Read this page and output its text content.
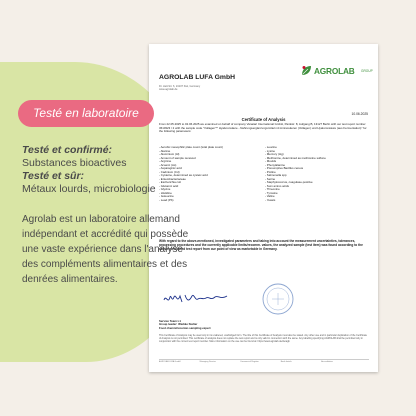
Testé en laboratoire
Testé et confirmé:
Substances bioactives
Testé et sûr:
Métaux lourds, microbiologie
Agrolab est un laboratoire allemand indépendant et accrédité qui possède une vaste expérience dans l'analyse des compléments alimentaires et des denrées alimentaires.
AGROLAB LUFA GmbH
Dr. Hell-Str. 6, 24107 Kiel, Germany
www.agrolab.de
AGROLAB GROUP
10.06.2025
Certificate of Analysis
From 22.05.2025 to 02.06.2025 we examined on behalf of company Vanatari International GmbH, Pankstr. 8, Aufgang B, 13127 Berlin with our test report number 3610323 / 2 with the sample code "Vollagen™ Hyaluronsäure - Nahrungsergänzungsmittel mit Aminosäuren (Vollagen) und Hyaluronsäure (aus Fermentation)" for the following parameters:
- Aerobic mesophilic plate count (total plate count)
- Alanine
- Aluminium (Al)
- Amount of sample received
- Arginine
- Arsenic (As)
- Asparaginic acid
- Cadmium (Cd)
- Cysteine, determined as cysteic acid
- Enterobacteriaceae
- Escherichia coli
- Glutamic acid
- Glycine
- Histidine
- Isoleucine
- Lead (Pb)
- Leucine
- Lysine
- Mercury (Hg)
- Methionine, determined as methionine sulfone
- Moulds
- Phenylalanine
- Presumptive Bacillus cereus
- Proline
- Salmonella spp
- Serine
- Staphylococcus, coagulase-positive
- Sum amino acids
- Threonine
- Tyrosine
- Valine
- Yeasts
With regard to the above-mentioned, investigated parameters and taking into account the measurement uncertainties, tolerances, processing procedures and the currently applicable limits/recomm. values, the analyzed sample (test item) was found according to the above mentioned test report from our point of view as marketable in Germany.
Service Team L1
Group leader: Wiebke Stelter
Food chemist/counter-sampling expert
This Certificate of Analysis may be used only in its unaltered, unabridged form. The title of this Certificate of Analysis must also be stated. Any other use and in particular duplication of the Certificate of Analysis is not permitted. This certificate of analysis does not replace the test report and is only valid in connection with the same. Any labelling specifying AGROLAB shall be permitted only in conjunction with the correct test report number. More information on the use can be found at: https://www.agrolab.de/de/agb
AGROLAB LUFA GmbH	Managing Director	Commercial Register	Bank details	Accreditation
